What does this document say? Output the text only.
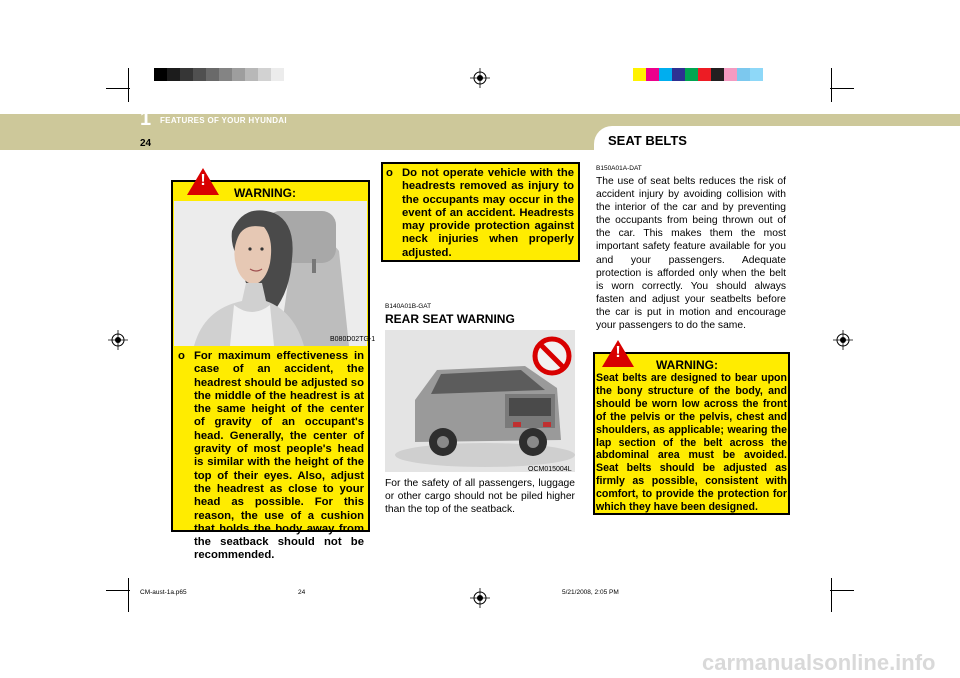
1 FEATURES OF YOUR HYUNDAI
24	SEAT BELTS
!
WARNING:
B080D02TG-1
o For maximum effectiveness in case of an accident, the headrest should be adjusted so the middle of the headrest is at the same height of the center of gravity of an occupant's head. Generally, the center of gravity of most people's head is similar with the height of the top of their eyes. Also, adjust the headrest as close to your head as possible. For this reason, the use of a cushion that holds the body away from the seatback should not be recommended.
o Do not operate vehicle with the headrests removed as injury to the occupants may occur in the event of an accident. Headrests may provide protection against neck injuries when properly adjusted.
B140A01B-GAT
REAR SEAT WARNING
OCM015004L
For the safety of all passengers, luggage or other cargo should not be piled higher than the top of the seatback.
B150A01A-DAT
The use of seat belts reduces the risk of accident injury by avoiding collision with the interior of the car and by preventing the occupants from being thrown out of the car. This makes them the most important safety feature available for you and your passengers. Adequate protection is afforded only when the belt is worn correctly. You should always fasten and adjust your seatbelts before the car is put in motion and encourage your passengers to do the same.
!
WARNING:
Seat belts are designed to bear upon the bony structure of the body, and should be worn low across the front of the pelvis or the pelvis, chest and shoulders, as applicable; wearing the lap section of the belt across the abdominal area must be avoided. Seat belts should be adjusted as firmly as possible, consistent with comfort, to provide the protection for which they have been designed.
CM-aust-1a.p65	24	5/21/2008, 2:05 PM
carmanualsonline.info
